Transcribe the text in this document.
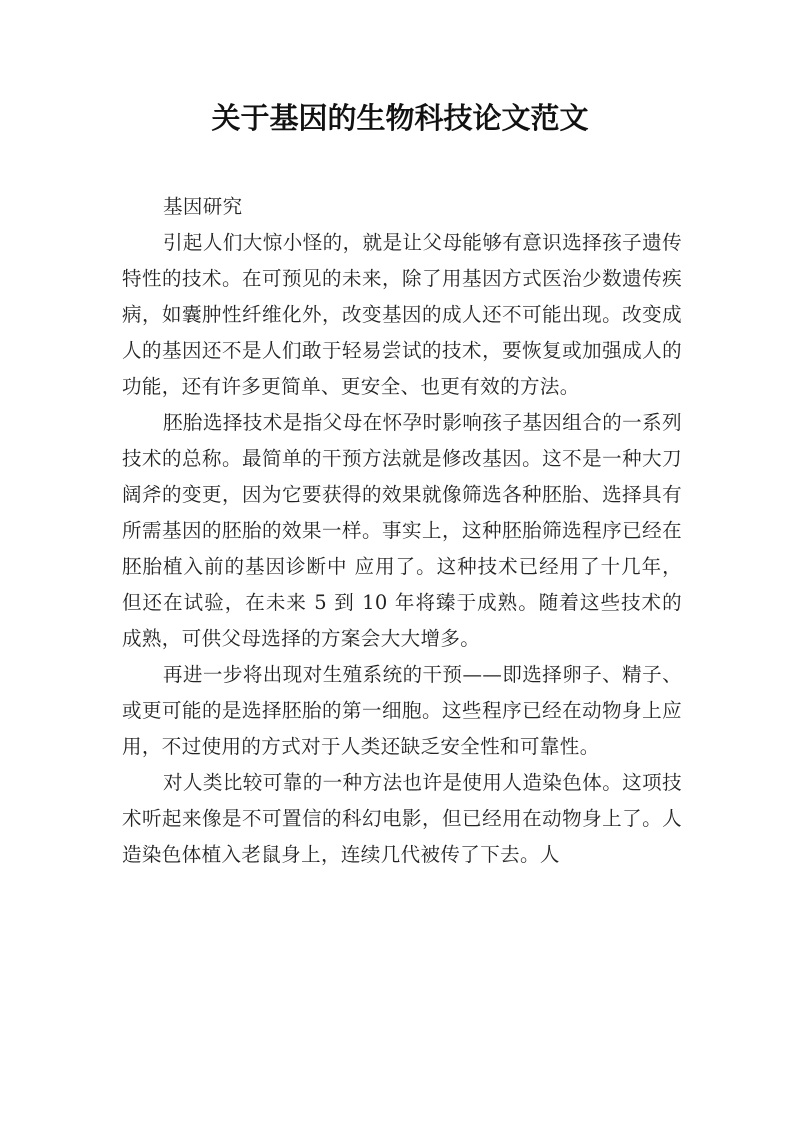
关于基因的生物科技论文范文

基因研究

引起人们大惊小怪的，就是让父母能够有意识选择孩子遗传特性的技术。在可预见的未来，除了用基因方式医治少数遗传疾病，如囊肿性纤维化外，改变基因的成人还不可能出现。改变成人的基因还不是人们敢于轻易尝试的技术，要恢复或加强成人的功能，还有许多更简单、更安全、也更有效的方法。

胚胎选择技术是指父母在怀孕时影响孩子基因组合的一系列技术的总称。最简单的干预方法就是修改基因。这不是一种大刀阔斧的变更，因为它要获得的效果就像筛选各种胚胎、选择具有所需基因的胚胎的效果一样。事实上，这种胚胎筛选程序已经在胚胎植入前的基因诊断中 应用了。这种技术已经用了十几年，但还在试验，在未来 5 到 10 年将臻于成熟。随着这些技术的成熟，可供父母选择的方案会大大增多。

再进一步将出现对生殖系统的干预——即选择卵子、精子、或更可能的是选择胚胎的第一细胞。这些程序已经在动物身上应用，不过使用的方式对于人类还缺乏安全性和可靠性。

对人类比较可靠的一种方法也许是使用人造染色体。这项技术听起来像是不可置信的科幻电影，但已经用在动物身上了。人造染色体植入老鼠身上，连续几代被传了下去。人
